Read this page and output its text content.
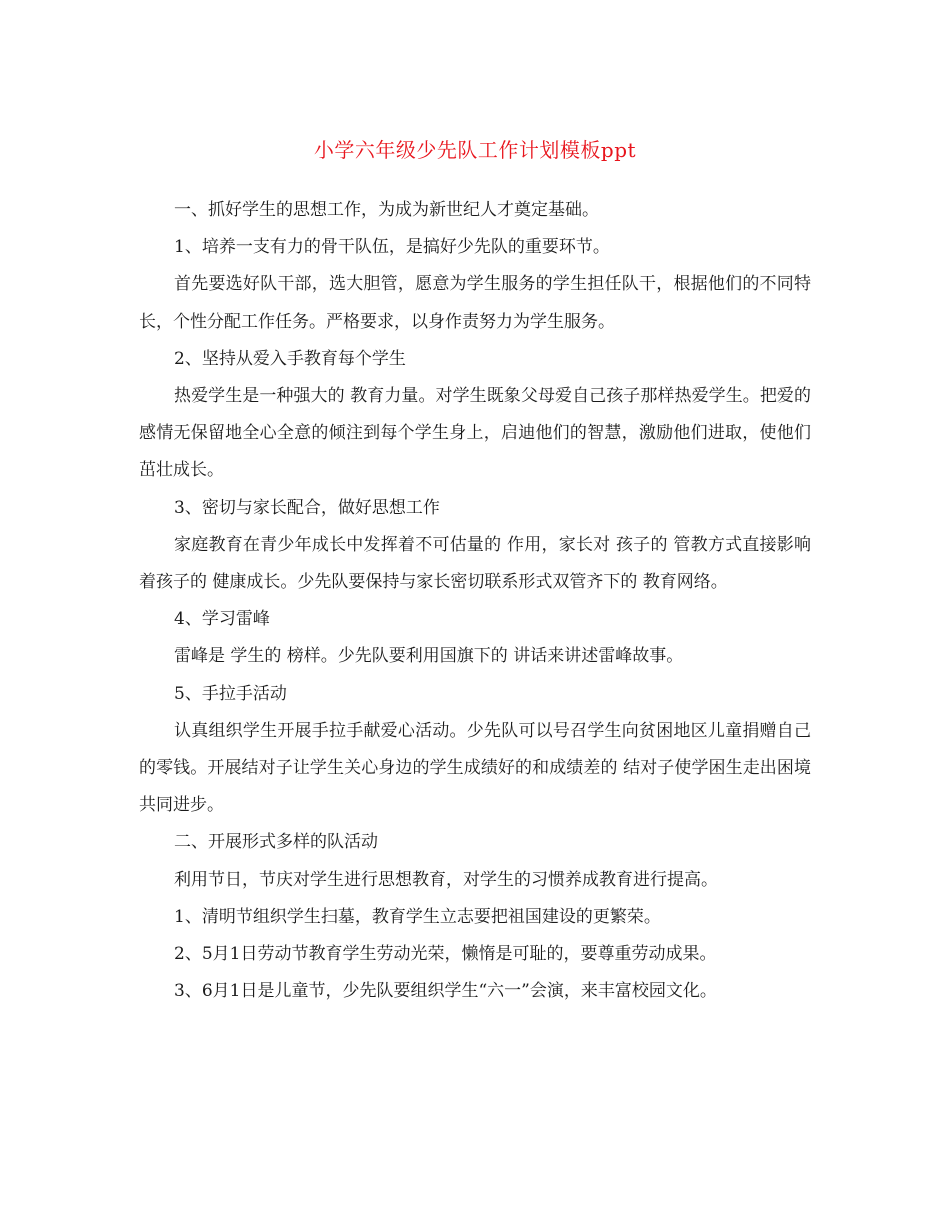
小学六年级少先队工作计划模板ppt

一、抓好学生的思想工作，为成为新世纪人才奠定基础。

1、培养一支有力的骨干队伍，是搞好少先队的重要环节。

首先要选好队干部，选大胆管，愿意为学生服务的学生担任队干，根据他们的不同特长，个性分配工作任务。严格要求，以身作责努力为学生服务。

2、坚持从爱入手教育每个学生

热爱学生是一种强大的 教育力量。对学生既象父母爱自己孩子那样热爱学生。把爱的感情无保留地全心全意的倾注到每个学生身上，启迪他们的智慧，激励他们进取，使他们茁壮成长。

3、密切与家长配合，做好思想工作

家庭教育在青少年成长中发挥着不可估量的 作用，家长对 孩子的 管教方式直接影响着孩子的 健康成长。少先队要保持与家长密切联系形式双管齐下的 教育网络。

4、学习雷峰

雷峰是 学生的 榜样。少先队要利用国旗下的 讲话来讲述雷峰故事。

5、手拉手活动

认真组织学生开展手拉手献爱心活动。少先队可以号召学生向贫困地区儿童捐赠自己的零钱。开展结对子让学生关心身边的学生成绩好的和成绩差的 结对子使学困生走出困境共同进步。

二、开展形式多样的队活动

利用节日，节庆对学生进行思想教育，对学生的习惯养成教育进行提高。

1、清明节组织学生扫墓，教育学生立志要把祖国建设的更繁荣。

2、5月1日劳动节教育学生劳动光荣，懒惰是可耻的，要尊重劳动成果。

3、6月1日是儿童节，少先队要组织学生“六一”会演，来丰富校园文化。
